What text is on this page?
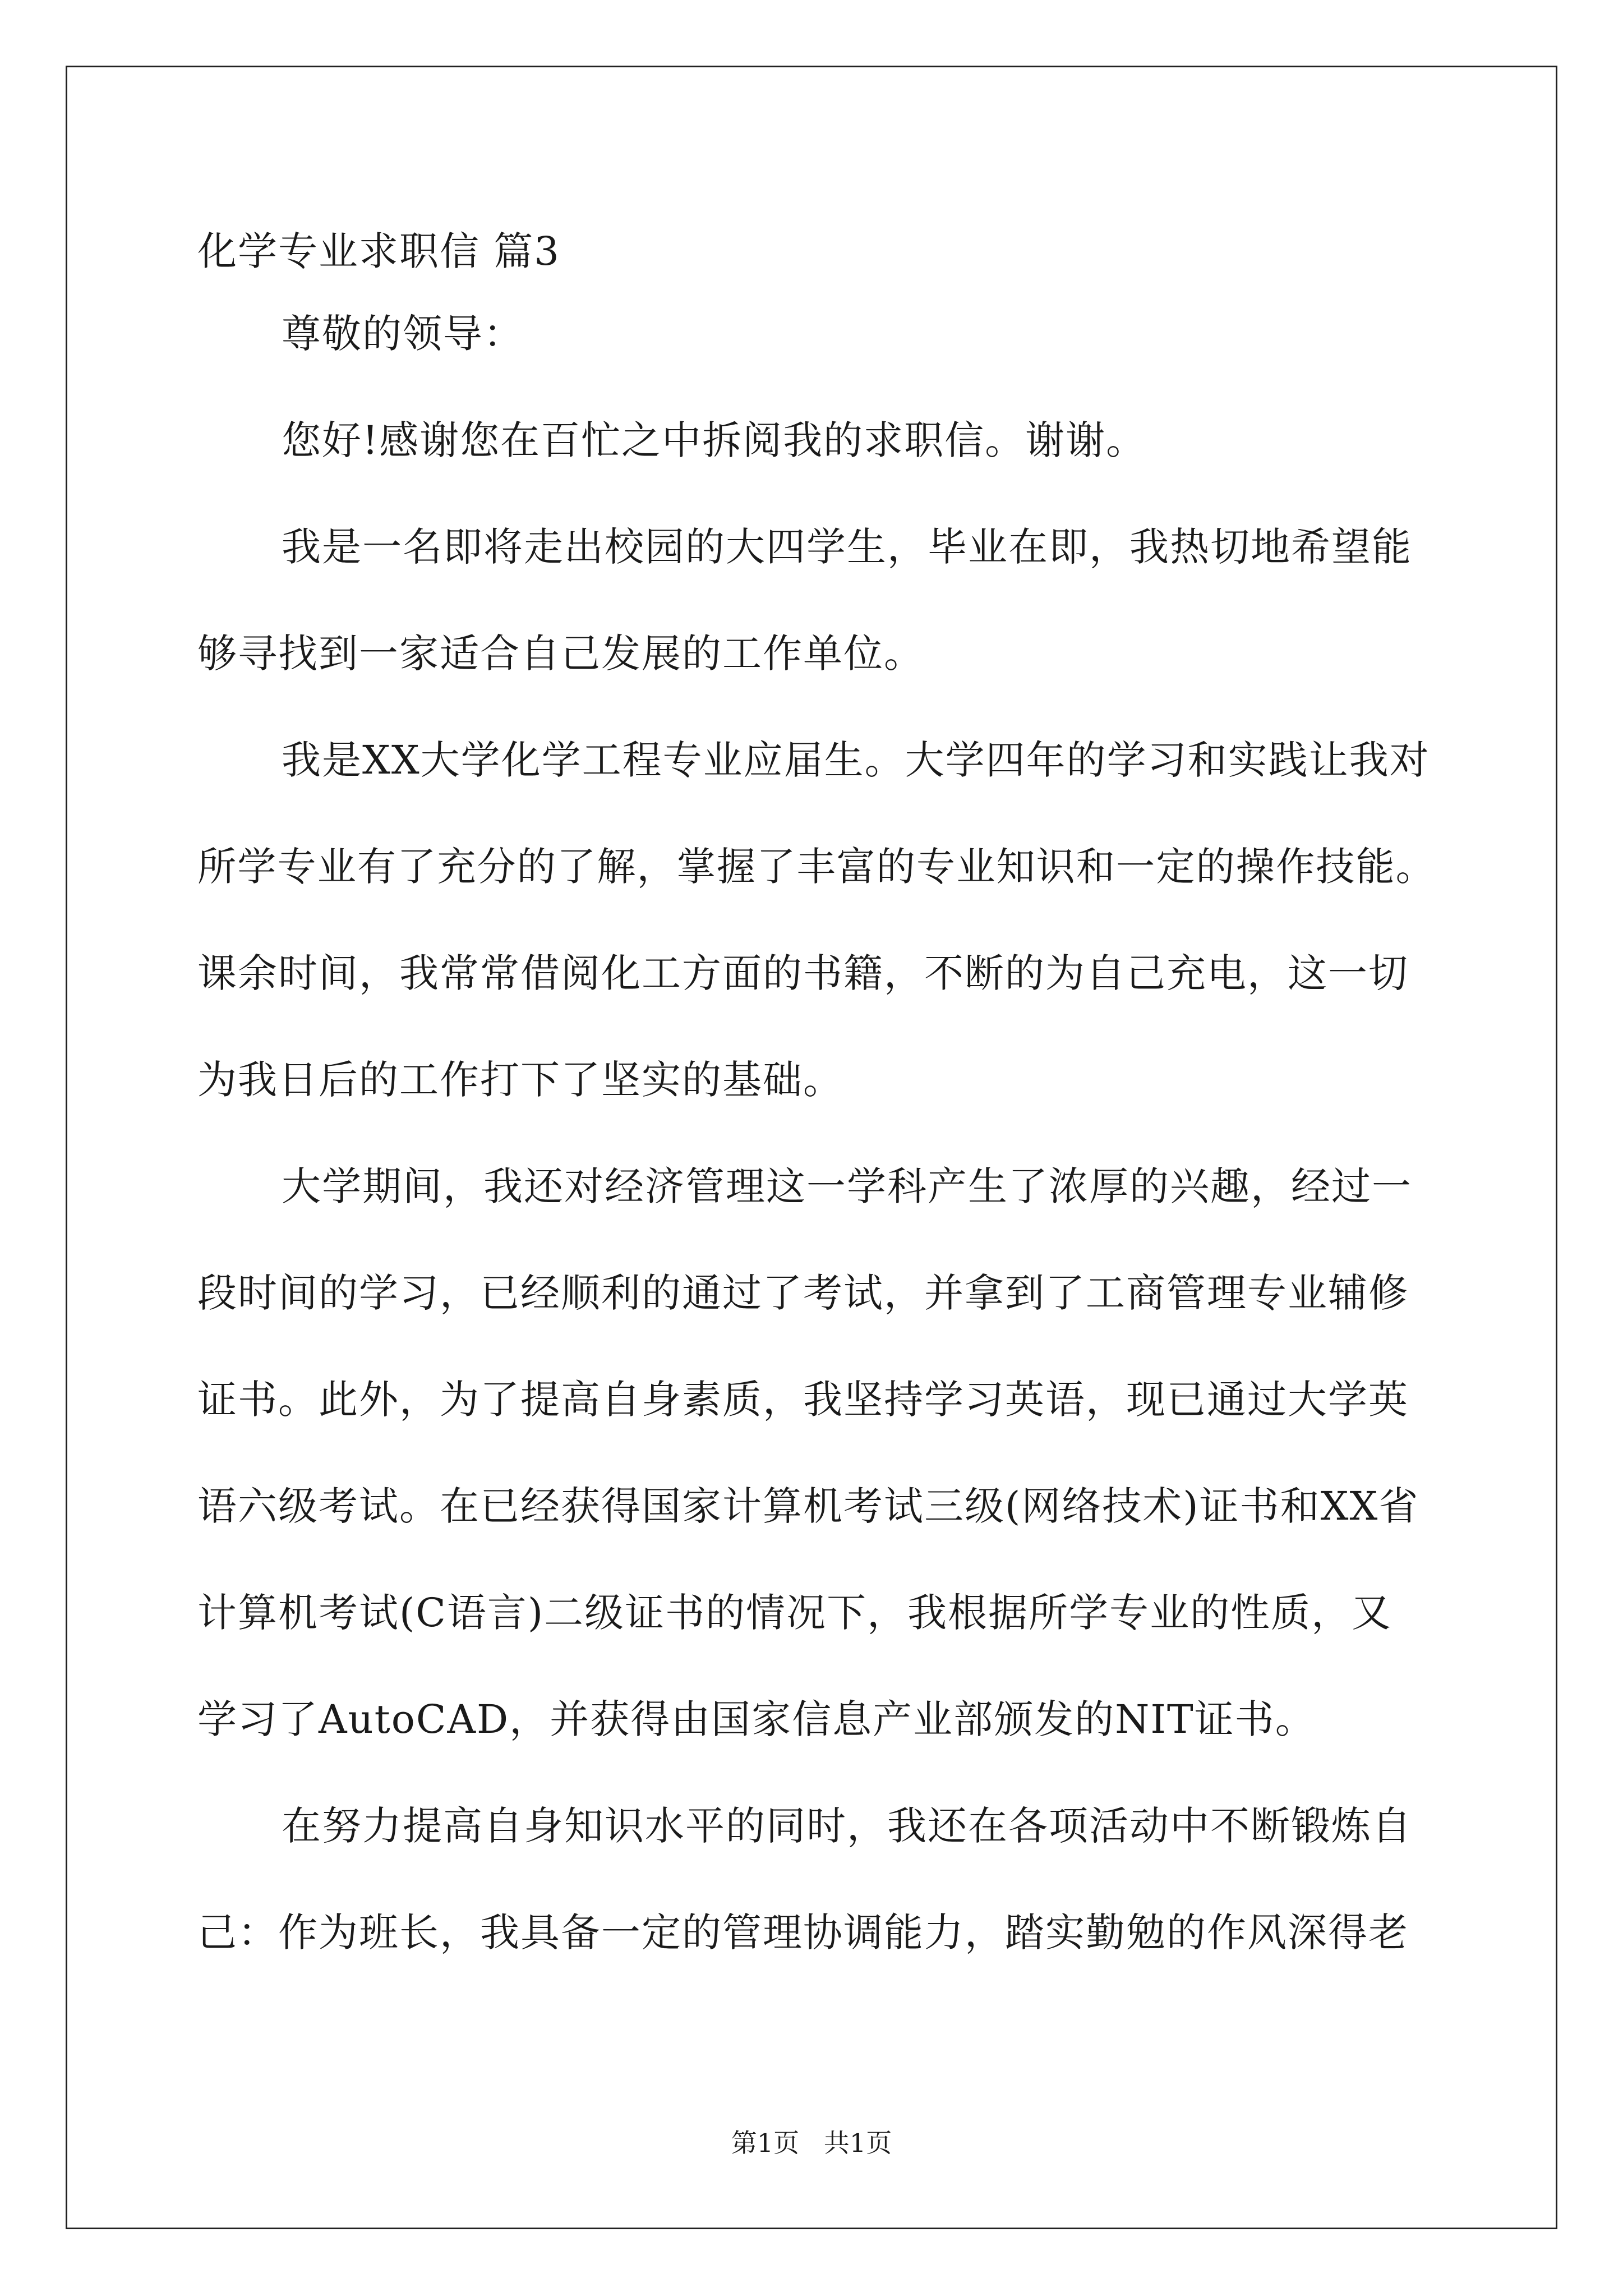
化学专业求职信 篇3
尊敬的领导：
您好!感谢您在百忙之中拆阅我的求职信。谢谢。
我是一名即将走出校园的大四学生，毕业在即，我热切地希望能
够寻找到一家适合自己发展的工作单位。
我是XX大学化学工程专业应届生。大学四年的学习和实践让我对
所学专业有了充分的了解，掌握了丰富的专业知识和一定的操作技能。
课余时间，我常常借阅化工方面的书籍，不断的为自己充电，这一切
为我日后的工作打下了坚实的基础。
大学期间，我还对经济管理这一学科产生了浓厚的兴趣，经过一
段时间的学习，已经顺利的通过了考试，并拿到了工商管理专业辅修
证书。此外，为了提高自身素质，我坚持学习英语，现已通过大学英
语六级考试。在已经获得国家计算机考试三级(网络技术)证书和XX省
计算机考试(C语言)二级证书的情况下，我根据所学专业的性质，又
学习了AutoCAD，并获得由国家信息产业部颁发的NIT证书。
在努力提高自身知识水平的同时，我还在各项活动中不断锻炼自
己：作为班长，我具备一定的管理协调能力，踏实勤勉的作风深得老
第1页   共1页
